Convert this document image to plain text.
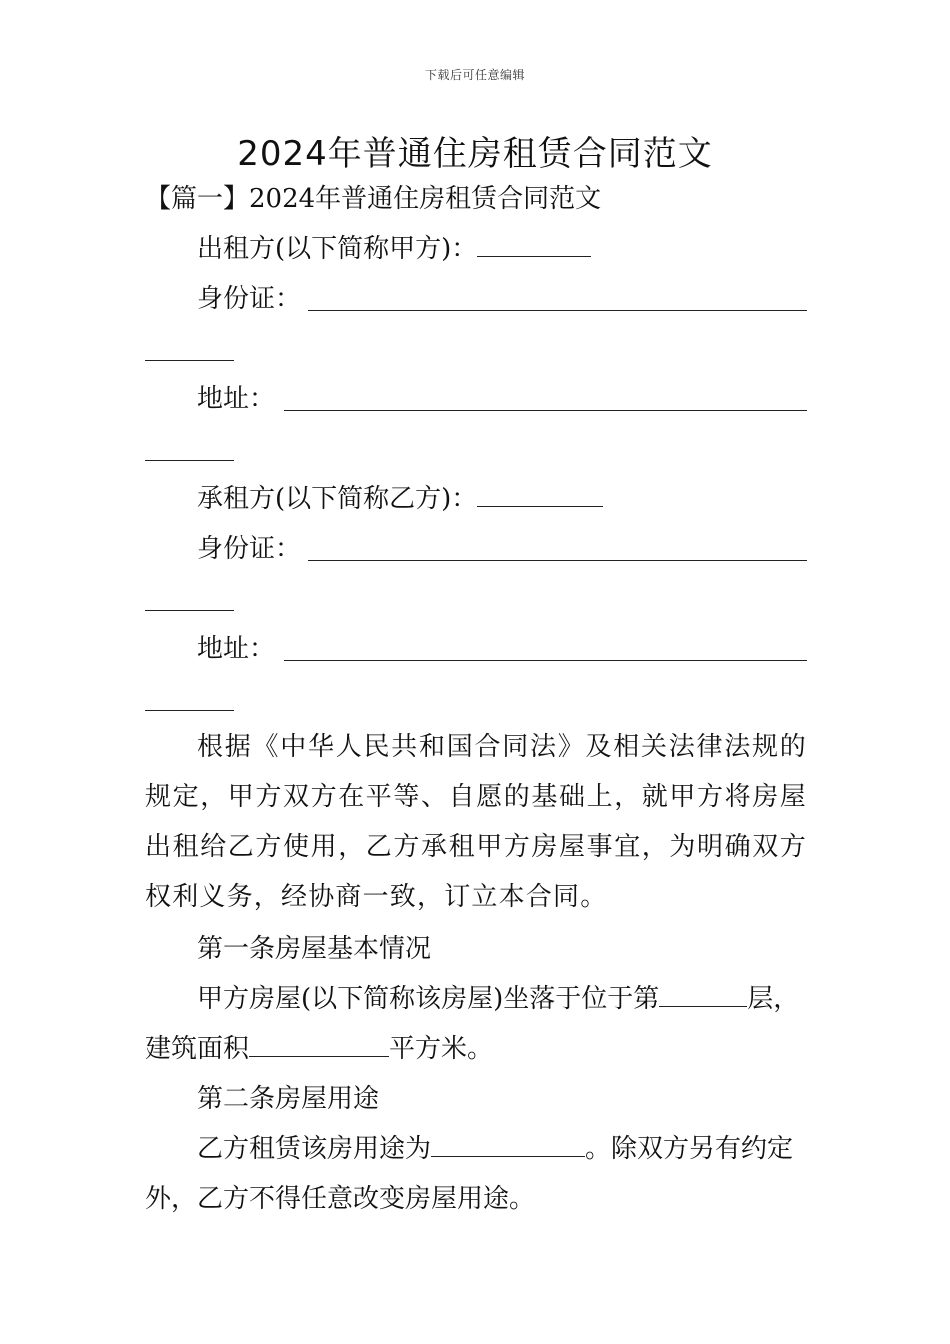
下载后可任意编辑
2024年普通住房租赁合同范文
【篇一】2024年普通住房租赁合同范文
出租方(以下简称甲方)：
身份证：
地址：
承租方(以下简称乙方)：
身份证：
地址：
根据《中华人民共和国合同法》及相关法律法规的规定，甲方双方在平等、自愿的基础上，就甲方将房屋出租给乙方使用，乙方承租甲方房屋事宜，为明确双方权利义务，经协商一致，订立本合同。
第一条房屋基本情况
甲方房屋(以下简称该房屋)坐落于位于第	层，
建筑面积	平方米。
第二条房屋用途
乙方租赁该房用途为	。除双方另有约定
外，乙方不得任意改变房屋用途。
